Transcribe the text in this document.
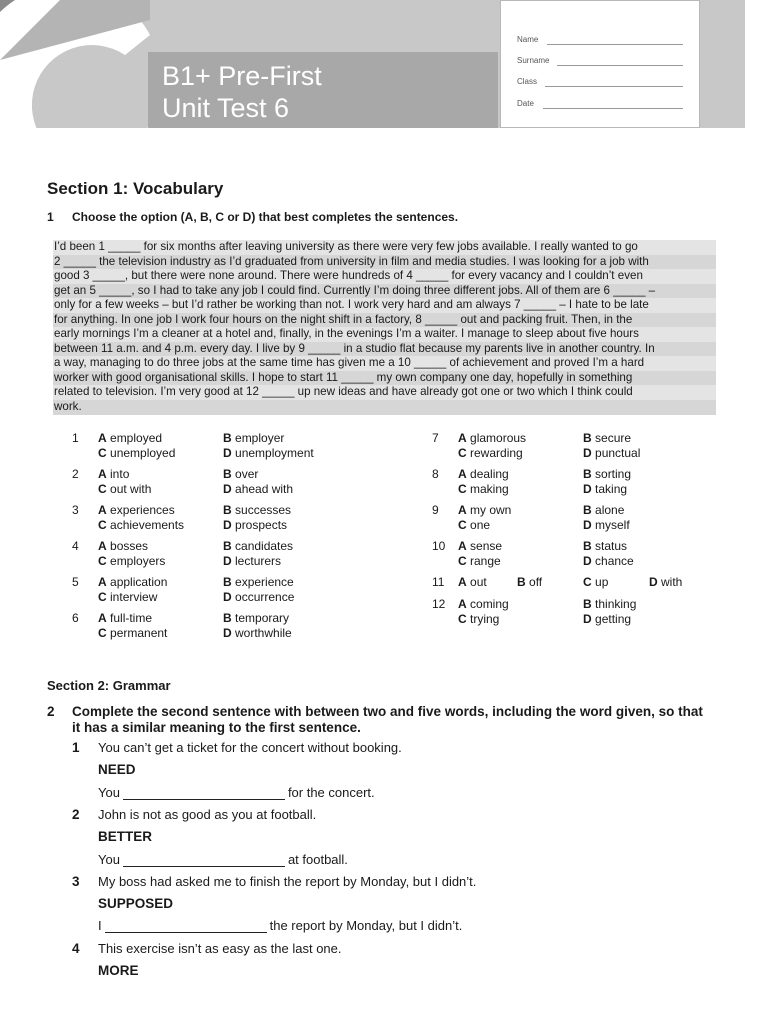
B1+ Pre-First
Unit Test 6
Name
Surname
Class
Date
Section 1: Vocabulary
1 Choose the option (A, B, C or D) that best completes the sentences.
I’d been 1 _____ for six months after leaving university as there were very few jobs available. I really wanted to go
2 _____ the television industry as I’d graduated from university in film and media studies. I was looking for a job with
good 3 _____, but there were none around. There were hundreds of 4 _____ for every vacancy and I couldn’t even
get an 5 _____, so I had to take any job I could find. Currently I’m doing three different jobs. All of them are 6 _____ –
only for a few weeks – but I’d rather be working than not. I work very hard and am always 7 _____ – I hate to be late
for anything. In one job I work four hours on the night shift in a factory, 8 _____ out and packing fruit. Then, in the
early mornings I’m a cleaner at a hotel and, finally, in the evenings I’m a waiter. I manage to sleep about five hours
between 11 a.m. and 4 p.m. every day. I live by 9 _____ in a studio flat because my parents live in another country. In
a way, managing to do three jobs at the same time has given me a 10 _____ of achievement and proved I’m a hard
worker with good organisational skills. I hope to start 11 _____ my own company one day, hopefully in something
related to television. I’m very good at 12 _____ up new ideas and have already got one or two which I think could
work.
1 A employed	B employer
C unemployed	D unemployment
2 A into	B over
C out with	D ahead with
3 A experiences	B successes
C achievements	D prospects
4 A bosses	B candidates
C employers	D lecturers
5 A application	B experience
C interview	D occurrence
6 A full-time	B temporary
C permanent	D worthwhile
7 A glamorous	B secure
C rewarding	D punctual
8 A dealing	B sorting
C making	D taking
9 A my own	B alone
C one	D myself
10 A sense	B status
C range	D chance
11 A out	B off	C up	D with
12 A coming	B thinking
C trying	D getting
Section 2: Grammar
2 Complete the second sentence with between two and five words, including the word given, so that it has a similar meaning to the first sentence.
1 You can’t get a ticket for the concert without booking.
NEED
You	for the concert.
2 John is not as good as you at football.
BETTER
You	at football.
3 My boss had asked me to finish the report by Monday, but I didn’t.
SUPPOSED
I	the report by Monday, but I didn’t.
4 This exercise isn’t as easy as the last one.
MORE
